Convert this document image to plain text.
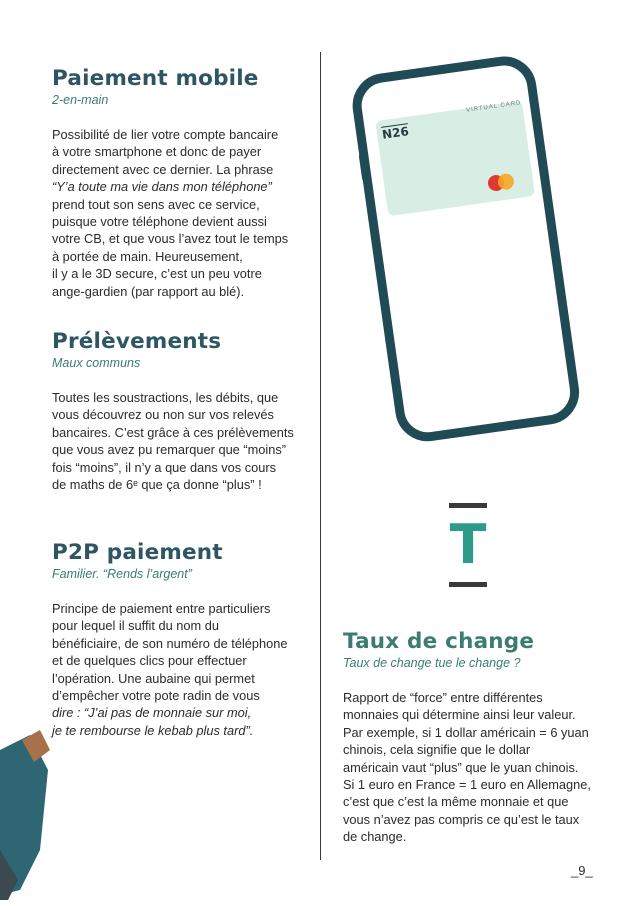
Paiement mobile

2-en-main

Possibilité de lier votre compte bancaire
à votre smartphone et donc de payer
directement avec ce dernier. La phrase
“Y’a toute ma vie dans mon téléphone”
prend tout son sens avec ce service,
puisque votre téléphone devient aussi
votre CB, et que vous l’avez tout le temps
à portée de main. Heureusement,
il y a le 3D secure, c’est un peu votre
ange-gardien (par rapport au blé).
Prélèvements

Maux communs

Toutes les soustractions, les débits, que
vous découvrez ou non sur vos relevés
bancaires. C’est grâce à ces prélèvements
que vous avez pu remarquer que “moins”
fois “moins”, il n’y a que dans vos cours
de maths de 6ᵉ que ça donne “plus” !
P2P paiement

Familier. “Rends l’argent”

Principe de paiement entre particuliers
pour lequel il suffit du nom du
bénéficiaire, de son numéro de téléphone
et de quelques clics pour effectuer
l’opération. Une aubaine qui permet
d’empêcher votre pote radin de vous
dire : “J’ai pas de monnaie sur moi,
je te rembourse le kebab plus tard”.
N26
VIRTUAL CARD
T
Taux de change

Taux de change tue le change ?

Rapport de “force” entre différentes
monnaies qui détermine ainsi leur valeur.
Par exemple, si 1 dollar américain = 6 yuan
chinois, cela signifie que le dollar
américain vaut “plus” que le yuan chinois.
Si 1 euro en France = 1 euro en Allemagne,
c’est que c’est la même monnaie et que
vous n’avez pas compris ce qu’est le taux
de change.
_9_
